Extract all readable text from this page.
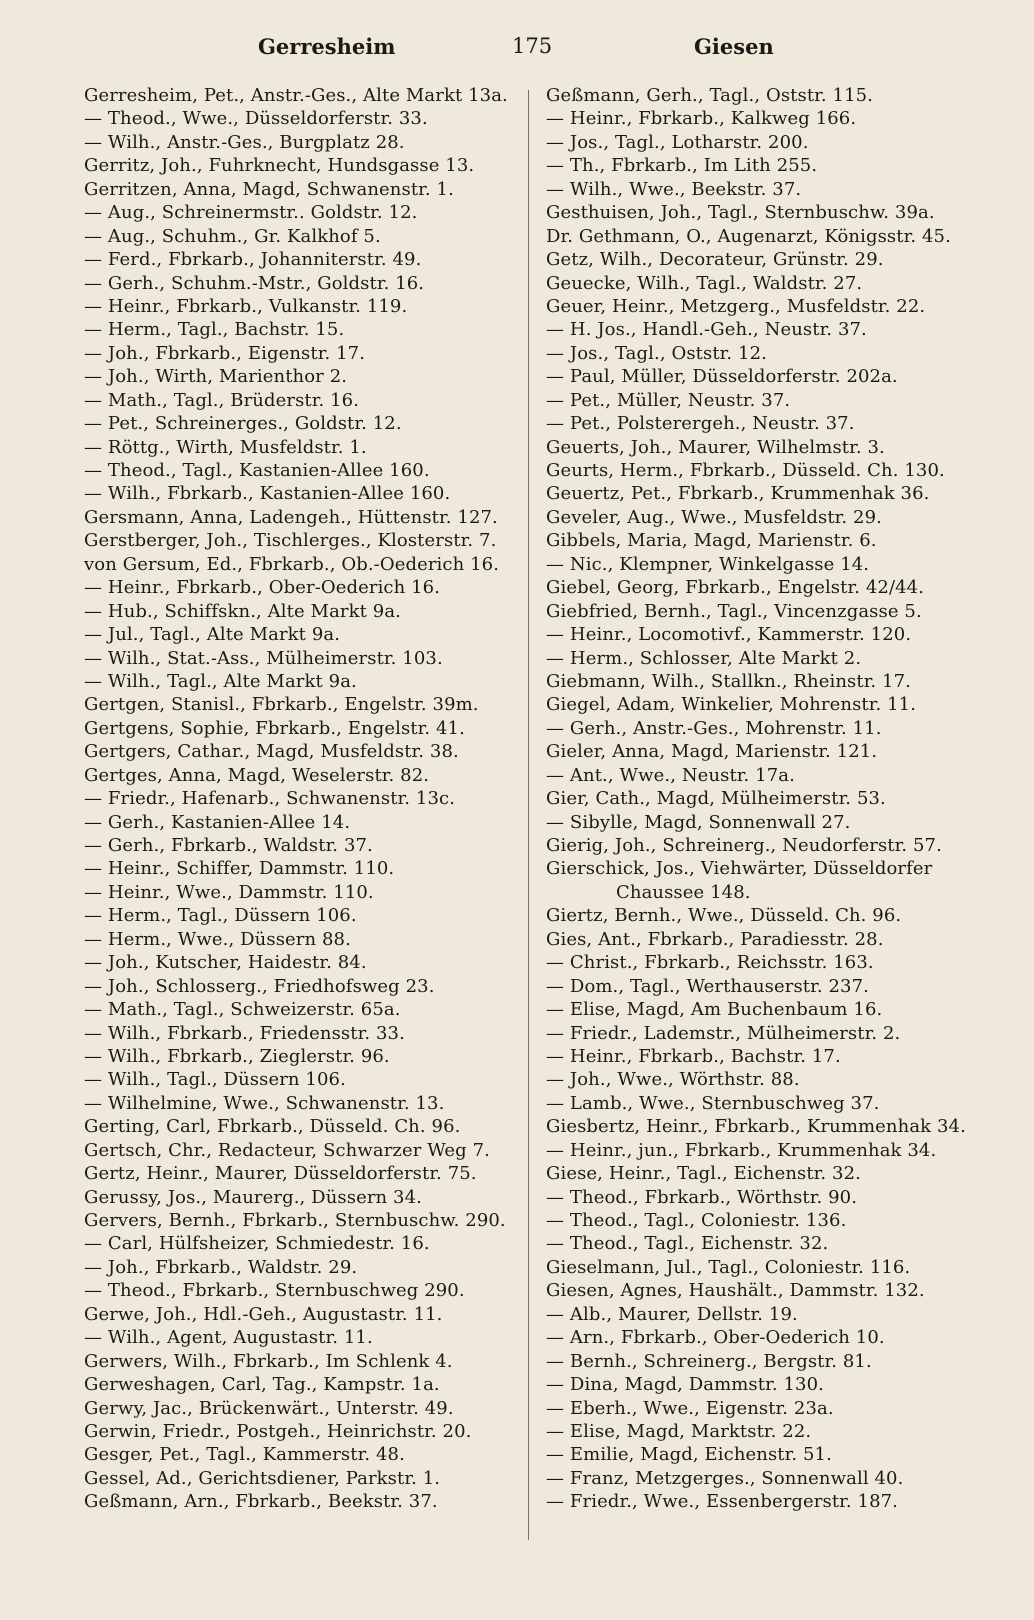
Gerresheim	175	Giesen
Gerresheim, Pet., Anstr.-Ges., Alte Markt 13a.
— Theod., Wwe., Düsseldorferstr. 33.
— Wilh., Anstr.-Ges., Burgplatz 28.
Gerritz, Joh., Fuhrknecht, Hundsgasse 13.
Gerritzen, Anna, Magd, Schwanenstr. 1.
— Aug., Schreinermstr.. Goldstr. 12.
— Aug., Schuhm., Gr. Kalkhof 5.
— Ferd., Fbrkarb., Johanniterstr. 49.
— Gerh., Schuhm.-Mstr., Goldstr. 16.
— Heinr., Fbrkarb., Vulkanstr. 119.
— Herm., Tagl., Bachstr. 15.
— Joh., Fbrkarb., Eigenstr. 17.
— Joh., Wirth, Marienthor 2.
— Math., Tagl., Brüderstr. 16.
— Pet., Schreinerges., Goldstr. 12.
— Röttg., Wirth, Musfeldstr. 1.
— Theod., Tagl., Kastanien-Allee 160.
— Wilh., Fbrkarb., Kastanien-Allee 160.
Gersmann, Anna, Ladengeh., Hüttenstr. 127.
Gerstberger, Joh., Tischlerges., Klosterstr. 7.
von Gersum, Ed., Fbrkarb., Ob.-Oederich 16.
— Heinr., Fbrkarb., Ober-Oederich 16.
— Hub., Schiffskn., Alte Markt 9a.
— Jul., Tagl., Alte Markt 9a.
— Wilh., Stat.-Ass., Mülheimerstr. 103.
— Wilh., Tagl., Alte Markt 9a.
Gertgen, Stanisl., Fbrkarb., Engelstr. 39m.
Gertgens, Sophie, Fbrkarb., Engelstr. 41.
Gertgers, Cathar., Magd, Musfeldstr. 38.
Gertges, Anna, Magd, Weselerstr. 82.
— Friedr., Hafenarb., Schwanenstr. 13c.
— Gerh., Kastanien-Allee 14.
— Gerh., Fbrkarb., Waldstr. 37.
— Heinr., Schiffer, Dammstr. 110.
— Heinr., Wwe., Dammstr. 110.
— Herm., Tagl., Düssern 106.
— Herm., Wwe., Düssern 88.
— Joh., Kutscher, Haidestr. 84.
— Joh., Schlosserg., Friedhofsweg 23.
— Math., Tagl., Schweizerstr. 65a.
— Wilh., Fbrkarb., Friedensstr. 33.
— Wilh., Fbrkarb., Zieglerstr. 96.
— Wilh., Tagl., Düssern 106.
— Wilhelmine, Wwe., Schwanenstr. 13.
Gerting, Carl, Fbrkarb., Düsseld. Ch. 96.
Gertsch, Chr., Redacteur, Schwarzer Weg 7.
Gertz, Heinr., Maurer, Düsseldorferstr. 75.
Gerussy, Jos., Maurerg., Düssern 34.
Gervers, Bernh., Fbrkarb., Sternbuschw. 290.
— Carl, Hülfsheizer, Schmiedestr. 16.
— Joh., Fbrkarb., Waldstr. 29.
— Theod., Fbrkarb., Sternbuschweg 290.
Gerwe, Joh., Hdl.-Geh., Augustastr. 11.
— Wilh., Agent, Augustastr. 11.
Gerwers, Wilh., Fbrkarb., Im Schlenk 4.
Gerweshagen, Carl, Tag., Kampstr. 1a.
Gerwy, Jac., Brückenwärt., Unterstr. 49.
Gerwin, Friedr., Postgeh., Heinrichstr. 20.
Gesger, Pet., Tagl., Kammerstr. 48.
Gessel, Ad., Gerichtsdiener, Parkstr. 1.
Geßmann, Arn., Fbrkarb., Beekstr. 37.
Geßmann, Gerh., Tagl., Oststr. 115.
— Heinr., Fbrkarb., Kalkweg 166.
— Jos., Tagl., Lotharstr. 200.
— Th., Fbrkarb., Im Lith 255.
— Wilh., Wwe., Beekstr. 37.
Gesthuisen, Joh., Tagl., Sternbuschw. 39a.
Dr. Gethmann, O., Augenarzt, Königsstr. 45.
Getz, Wilh., Decorateur, Grünstr. 29.
Geuecke, Wilh., Tagl., Waldstr. 27.
Geuer, Heinr., Metzgerg., Musfeldstr. 22.
— H. Jos., Handl.-Geh., Neustr. 37.
— Jos., Tagl., Oststr. 12.
— Paul, Müller, Düsseldorferstr. 202a.
— Pet., Müller, Neustr. 37.
— Pet., Polsterergeh., Neustr. 37.
Geuerts, Joh., Maurer, Wilhelmstr. 3.
Geurts, Herm., Fbrkarb., Düsseld. Ch. 130.
Geuertz, Pet., Fbrkarb., Krummenhak 36.
Geveler, Aug., Wwe., Musfeldstr. 29.
Gibbels, Maria, Magd, Marienstr. 6.
— Nic., Klempner, Winkelgasse 14.
Giebel, Georg, Fbrkarb., Engelstr. 42/44.
Giebfried, Bernh., Tagl., Vincenzgasse 5.
— Heinr., Locomotivf., Kammerstr. 120.
— Herm., Schlosser, Alte Markt 2.
Giebmann, Wilh., Stallkn., Rheinstr. 17.
Giegel, Adam, Winkelier, Mohrenstr. 11.
— Gerh., Anstr.-Ges., Mohrenstr. 11.
Gieler, Anna, Magd, Marienstr. 121.
— Ant., Wwe., Neustr. 17a.
Gier, Cath., Magd, Mülheimerstr. 53.
— Sibylle, Magd, Sonnenwall 27.
Gierig, Joh., Schreinerg., Neudorferstr. 57.
Gierschick, Jos., Viehwärter, Düsseldorfer
Chaussee 148.
Giertz, Bernh., Wwe., Düsseld. Ch. 96.
Gies, Ant., Fbrkarb., Paradiesstr. 28.
— Christ., Fbrkarb., Reichsstr. 163.
— Dom., Tagl., Werthauserstr. 237.
— Elise, Magd, Am Buchenbaum 16.
— Friedr., Lademstr., Mülheimerstr. 2.
— Heinr., Fbrkarb., Bachstr. 17.
— Joh., Wwe., Wörthstr. 88.
— Lamb., Wwe., Sternbuschweg 37.
Giesbertz, Heinr., Fbrkarb., Krummenhak 34.
— Heinr., jun., Fbrkarb., Krummenhak 34.
Giese, Heinr., Tagl., Eichenstr. 32.
— Theod., Fbrkarb., Wörthstr. 90.
— Theod., Tagl., Coloniestr. 136.
— Theod., Tagl., Eichenstr. 32.
Gieselmann, Jul., Tagl., Coloniestr. 116.
Giesen, Agnes, Haushält., Dammstr. 132.
— Alb., Maurer, Dellstr. 19.
— Arn., Fbrkarb., Ober-Oederich 10.
— Bernh., Schreinerg., Bergstr. 81.
— Dina, Magd, Dammstr. 130.
— Eberh., Wwe., Eigenstr. 23a.
— Elise, Magd, Marktstr. 22.
— Emilie, Magd, Eichenstr. 51.
— Franz, Metzgerges., Sonnenwall 40.
— Friedr., Wwe., Essenbergerstr. 187.
